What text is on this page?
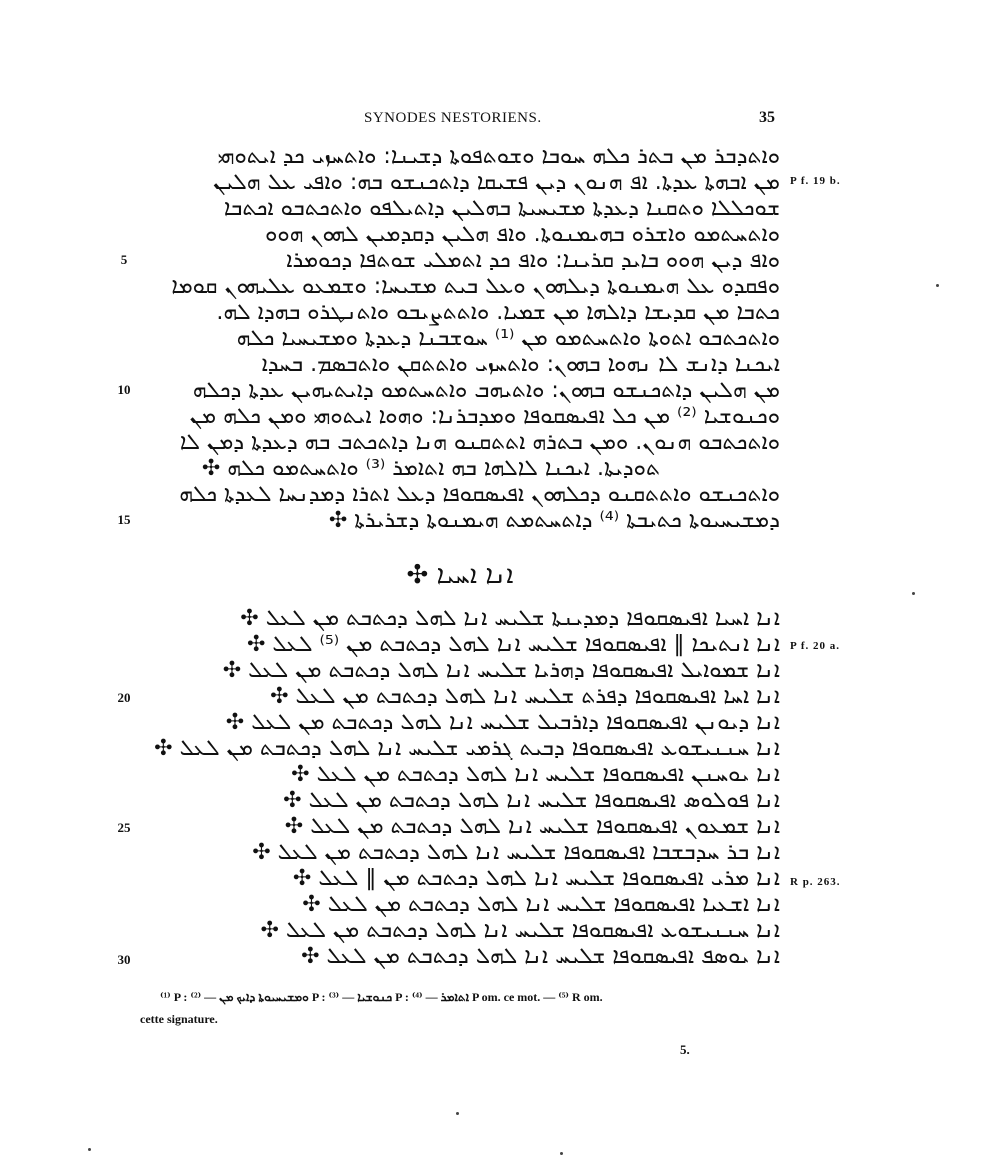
SYNODES NESTORIENS.	35
ܘܐܬܕܒܪ ܡܢ ܒܬܪ ܟܠܗ ܚܘܒܐ ܘܫܘܬܦܘܬܐ ܕܫܝܢܐ: ܘܐܬܚܙܝ ܟܕ ܐܝܬܘܗܝ
ܡܢ ܐܒܗܬܐ ܥܕܬܐ. ܐܦ ܗܢܘܢ ܕܝܢ ܦܫܝܩܐ ܕܐܬܟܢܫܘ ܒܗ: ܘܐܦܝ ܥܠ ܗܠܝܢ
ܫܘܟܠܠܐ ܘܬܩܢܐ ܕܥܕܬܐ ܡܫܝܚܝܬܐ ܒܗܠܝܢ ܕܐܬܝܠܦܘ ܘܐܬܟܬܒܘ ܐܟܬܒܐ
ܘܐܬܚܬܡܘ ܘܐܫܪܘ ܒܗܝܡܢܘܬܐ. ܘܐܦ ܗܠܝܢ ܕܩܕܡܝܢ ܠܗܘܢ ܗܘܘ
ܘܐܦ ܕܝܢ ܗܘܘ ܒܐܝܕ ܩܪܝܢܐ: ܘܐܦ ܟܕ ܐܬܡܠܝ ܫܘܬܦܐ ܕܟܘܡܪܐ
ܘܦܩܕܘ ܥܠ ܗܝܡܢܘܬܐ ܕܝܠܗܘܢ ܘܥܠ ܒܝܬ ܡܫܝܚܐ: ܘܫܡܥܘ ܥܠܝܗܘܢ ܩܘܡܐ
ܟܬܒܐ ܡܢ ܩܕܝܫܐ ܕܐܠܗܐ ܡܢ ܫܡܝܐ. ܘܐܬܬܨܝܒܘ ܘܐܬܢܛܪܘ ܒܗܕܐ ܠܗ.
ܘܐܬܟܬܒܘ ܐܬܘܬܐ ܘܐܬܚܬܡܘ ܡܢ ⁽¹⁾ ܚܘܫܒܢܐ ܕܥܕܬܐ ܘܡܫܝܚܝܐ ܟܠܗ
ܐܝܟܢܐ ܕܐܢܫ ܠܐ ܢܗܘܐ ܒܗܘܢ: ܘܐܬܚܙܝ ܘܐܬܬܩܢ ܘܐܬܒܣܡ. ܒܚܕܐ
ܡܢ ܗܠܝܢ ܕܐܬܟܢܫܘ ܒܗܘܢ: ܘܐܬܝܗܒ ܘܐܬܚܬܡܘ ܕܐܝܬܝܗܝܢ ܥܕܬܐ ܕܟܠܗ
ܘܟܢܘܫܝܐ ⁽²⁾ ܡܢ ܟܠ ܐܦܝܣܩܘܦܐ ܘܡܕܒܪܢܐ: ܘܗܘܐ ܐܝܬܘܗܝ ܘܡܢ ܟܠܗ ܡܢ
ܘܐܬܟܬܒܘ ܗܢܘܢ. ܘܡܢ ܒܬܪܗ ܐܬܬܩܢܘ ܗܢܐ ܕܐܬܟܬܒ ܒܗ ܕܥܕܬܐ ܕܡܢ ܠܐ
ܬܘܕܝܬܐ. ܐܝܟܢܐ ܠܐܠܗܐ ܒܗ ܐܬܐܡܪ ⁽³⁾ ܘܐܬܚܬܡܘ ܟܠܗ ✣
ܘܐܬܟܢܫܘ ܘܐܬܬܩܢܘ ܕܟܠܗܘܢ ܐܦܝܣܩܘܦܐ ܕܥܠ ܐܬܪܐ ܕܡܕܢܚܐ ܠܥܕܬܐ ܟܠܗ
ܕܡܫܝܚܝܘܬܐ ܟܬܝܒܬܐ ⁽⁴⁾ ܕܐܬܚܬܡܬ ܗܝܡܢܘܬܐ ܕܫܪܝܪܬܐ ✣
5
10
15
P f. 19 b.
ܐܢܐ ܐܚܝܐ ✣
ܐܢܐ ܐܚܝܐ ܐܦܝܣܩܘܦܐ ܕܡܕܝܢܬܐ ܫܠܝܚ ܐܢܐ ܠܗܠ ܕܟܬܒܬ ܡܢ ܠܥܠ ✣
ܐܢܐ ܐܢܬܝܟܐ ‖ ܐܦܝܣܩܘܦܐ ܫܠܝܚ ܐܢܐ ܠܗܠ ܕܟܬܒܬ ܡܢ ⁽⁵⁾ ܠܥܠ ✣
ܐܢܐ ܫܡܘܐܝܠ ܐܦܝܣܩܘܦܐ ܕܗܪܝܐ ܫܠܝܚ ܐܢܐ ܠܗܠ ܕܟܬܒܬ ܡܢ ܠܥܠ ✣
ܐܢܐ ܐܚܐ ܐܦܝܣܩܘܦܐ ܕܦܪܬ ܫܠܝܚ ܐܢܐ ܠܗܠ ܕܟܬܒܬ ܡܢ ܠܥܠ ✣
ܐܢܐ ܕܝܘܢܢ ܐܦܝܣܩܘܦܐ ܕܐܪܒܝܠ ܫܠܝܚ ܐܢܐ ܠܗܠ ܕܟܬܒܬ ܡܢ ܠܥܠ ✣
ܐܢܐ ܚܢܢܝܫܘܥ ܐܦܝܣܩܘܦܐ ܕܒܝܬ ܓܪܡܝ ܫܠܝܚ ܐܢܐ ܠܗܠ ܕܟܬܒܬ ܡܢ ܠܥܠ ✣
ܐܢܐ ܝܘܚܢܢ ܐܦܝܣܩܘܦܐ ܫܠܝܚ ܐܢܐ ܠܗܠ ܕܟܬܒܬ ܡܢ ܠܥܠ ✣
ܐܢܐ ܦܘܠܘܣ ܐܦܝܣܩܘܦܐ ܫܠܝܚ ܐܢܐ ܠܗܠ ܕܟܬܒܬ ܡܢ ܠܥܠ ✣
ܐܢܐ ܫܡܥܘܢ ܐܦܝܣܩܘܦܐ ܫܠܝܚ ܐܢܐ ܠܗܠ ܕܟܬܒܬ ܡܢ ܠܥܠ ✣
ܐܢܐ ܒܪ ܚܕܒܫܒܐ ܐܦܝܣܩܘܦܐ ܫܠܝܚ ܐܢܐ ܠܗܠ ܕܟܬܒܬ ܡܢ ܠܥܠ ✣
ܐܢܐ ܡܪܝ ܐܦܝܣܩܘܦܐ ܫܠܝܚ ܐܢܐ ܠܗܠ ܕܟܬܒܬ ܡܢ ‖ ܠܥܠ ✣
ܐܢܐ ܐܫܥܝܐ ܐܦܝܣܩܘܦܐ ܫܠܝܚ ܐܢܐ ܠܗܠ ܕܟܬܒܬ ܡܢ ܠܥܠ ✣
ܐܢܐ ܚܢܢܝܫܘܥ ܐܦܝܣܩܘܦܐ ܫܠܝܚ ܐܢܐ ܠܗܠ ܕܟܬܒܬ ܡܢ ܠܥܠ ✣
ܐܢܐ ܝܘܣܦ ܐܦܝܣܩܘܦܐ ܫܠܝܚ ܐܢܐ ܠܗܠ ܕܟܬܒܬ ܡܢ ܠܥܠ ✣
20
25
30
P f. 20 a.
R p. 263.
⁽¹⁾ P : ܘܡܫܝܚܝܘܬܐ ܕܐܝܟ ܡܢ — ⁽²⁾ P : ܟܢܘܫܝܐ — ⁽³⁾ P : ܐܬܐܡܪ — ⁽⁴⁾ P om. ce mot. — ⁽⁵⁾ R om.
cette signature.
5.
